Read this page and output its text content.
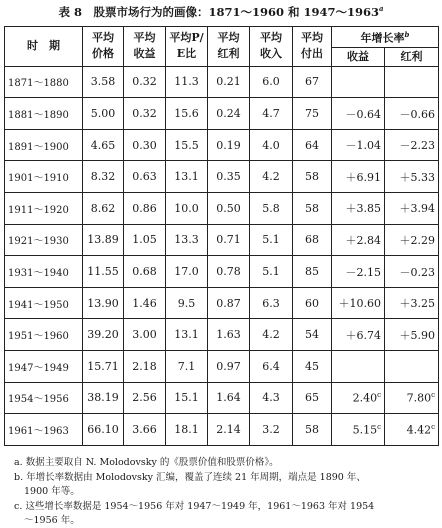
表 8　股票市场行为的画像：1871～1960 和 1947～1963$^a$
时　期	平均价格	平均收益	平均P/E比	平均红利	平均收入	平均付出	年增长率$^b$
							收益	红利
1871～1880	3.58	0.32	11.3	0.21	6.0	67		
1881～1890	5.00	0.32	15.6	0.24	4.7	75	－0.64	－0.66
1891～1900	4.65	0.30	15.5	0.19	4.0	64	－1.04	－2.23
1901～1910	8.32	0.63	13.1	0.35	4.2	58	＋6.91	＋5.33
1911～1920	8.62	0.86	10.0	0.50	5.8	58	＋3.85	＋3.94
1921～1930	13.89	1.05	13.3	0.71	5.1	68	＋2.84	＋2.29
1931～1940	11.55	0.68	17.0	0.78	5.1	85	－2.15	－0.23
1941～1950	13.90	1.46	9.5	0.87	6.3	60	＋10.60	＋3.25
1951～1960	39.20	3.00	13.1	1.63	4.2	54	＋6.74	＋5.90
1947～1949	15.71	2.18	7.1	0.97	6.4	45		
1954～1956	38.19	2.56	15.1	1.64	4.3	65	2.40$^c$	7.80$^c$
1961～1963	66.10	3.66	18.1	2.14	3.2	58	5.15$^c$	4.42$^c$
a. 数据主要取自 N. Molodovsky 的《股票价值和股票价格》。
b. 年增长率数据由 Molodovsky 汇编，覆盖了连续 21 年周期，端点是 1890 年、
1900 年等。
c. 这些增长率数据是 1954～1956 年对 1947～1949 年，1961～1963 年对 1954
～1956 年。
